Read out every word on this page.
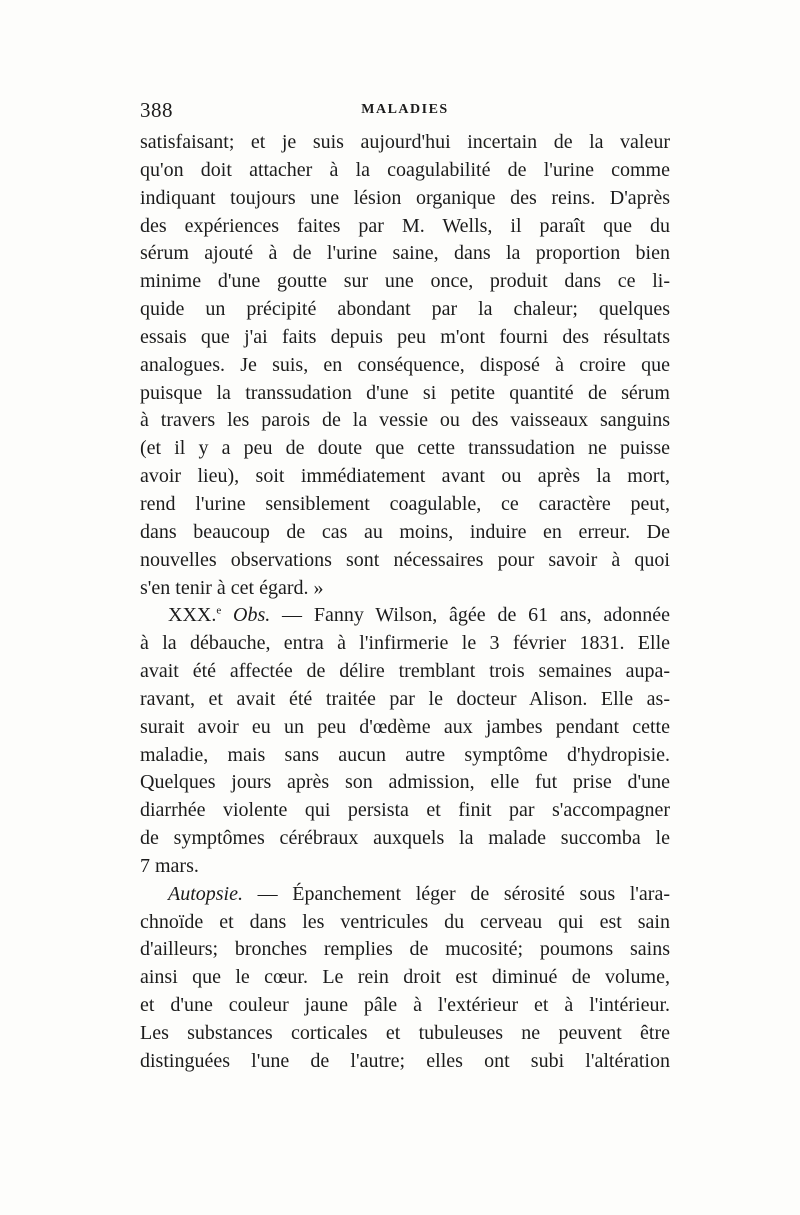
388	MALADIES
satisfaisant; et je suis aujourd'hui incertain de la valeur
qu'on doit attacher à la coagulabilité de l'urine comme
indiquant toujours une lésion organique des reins. D'après
des expériences faites par M. Wells, il paraît que du
sérum ajouté à de l'urine saine, dans la proportion bien
minime d'une goutte sur une once, produit dans ce li-
quide un précipité abondant par la chaleur; quelques
essais que j'ai faits depuis peu m'ont fourni des résultats
analogues. Je suis, en conséquence, disposé à croire que
puisque la transsudation d'une si petite quantité de sérum
à travers les parois de la vessie ou des vaisseaux sanguins
(et il y a peu de doute que cette transsudation ne puisse
avoir lieu), soit immédiatement avant ou après la mort,
rend l'urine sensiblement coagulable, ce caractère peut,
dans beaucoup de cas au moins, induire en erreur. De
nouvelles observations sont nécessaires pour savoir à quoi
s'en tenir à cet égard. »
XXX.$^e$ Obs. — Fanny Wilson, âgée de 61 ans, adonnée
à la débauche, entra à l'infirmerie le 3 février 1831. Elle
avait été affectée de délire tremblant trois semaines aupa-
ravant, et avait été traitée par le docteur Alison. Elle as-
surait avoir eu un peu d'œdème aux jambes pendant cette
maladie, mais sans aucun autre symptôme d'hydropisie.
Quelques jours après son admission, elle fut prise d'une
diarrhée violente qui persista et finit par s'accompagner
de symptômes cérébraux auxquels la malade succomba le
7 mars.
Autopsie. — Épanchement léger de sérosité sous l'ara-
chnoïde et dans les ventricules du cerveau qui est sain
d'ailleurs; bronches remplies de mucosité; poumons sains
ainsi que le cœur. Le rein droit est diminué de volume,
et d'une couleur jaune pâle à l'extérieur et à l'intérieur.
Les substances corticales et tubuleuses ne peuvent être
distinguées l'une de l'autre; elles ont subi l'altération
